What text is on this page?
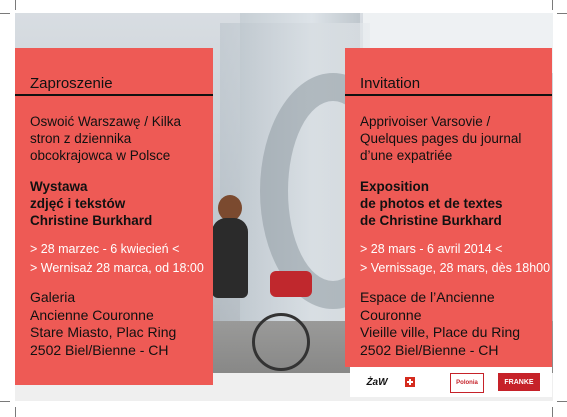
Zaproszenie
Oswoić Warszawę / Kilka
stron z dziennika
obcokrajowca w Polsce
Wystawa
zdjęć i tekstów
Christine Burkhard
> 28 marzec - 6 kwiecień <
> Wernisaż 28 marca, od 18:00
Galeria
Ancienne Couronne
Stare Miasto, Plac Ring
2502 Biel/Bienne - CH
Invitation
Apprivoiser Varsovie /
Quelques pages du journal
d’une expatriée
Exposition
de photos et de textes
de Christine Burkhard
> 28 mars - 6 avril 2014 <
> Vernissage, 28 mars, dès 18h00
Espace de l’Ancienne
Couronne
Vieille ville, Place du Ring
2502 Biel/Bienne - CH
ŻaW	Polonia	FRANKE
